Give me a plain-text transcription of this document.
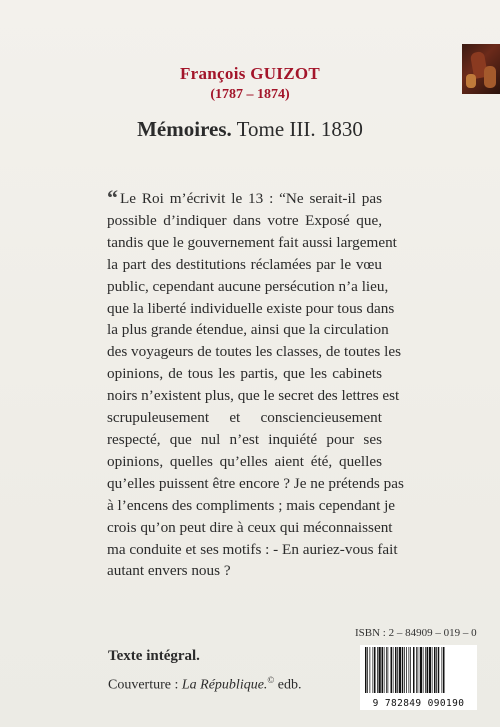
François GUIZOT
(1787 – 1874)
Mémoires. Tome III. 1830
“ Le Roi m’écrivit le 13 : “Ne serait-il pas
possible d’indiquer dans votre Exposé que,
tandis que le gouvernement fait aussi largement
la part des destitutions réclamées par le vœu
public, cependant aucune persécution n’a lieu,
que la liberté individuelle existe pour tous dans
la plus grande étendue, ainsi que la circulation
des voyageurs de toutes les classes, de toutes les
opinions, de tous les partis, que les cabinets
noirs n’existent plus, que le secret des lettres est
scrupuleusement et consciencieusement
respecté, que nul n’est inquiété pour ses
opinions, quelles qu’elles aient été, quelles
qu’elles puissent être encore ? Je ne prétends pas
à l’encens des compliments ; mais cependant je
crois qu’on peut dire à ceux qui méconnaissent
ma conduite et ses motifs : - En auriez-vous fait
autant envers nous ?
ISBN : 2 – 84909 – 019 – 0
9 782849 090190
Texte intégral.
Couverture : La République.© edb.
